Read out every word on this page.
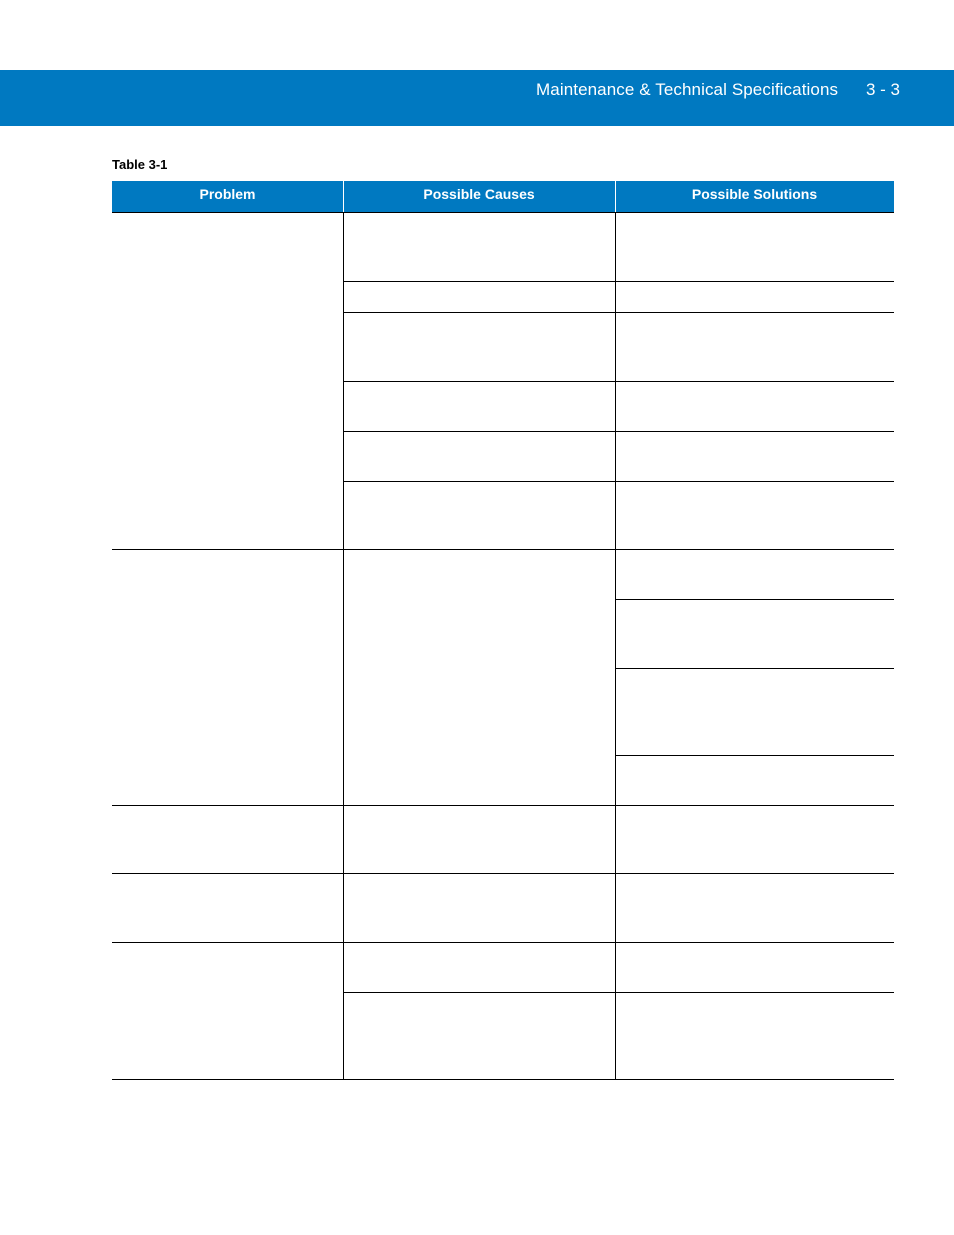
Maintenance & Technical Specifications 3 - 3
Table 3-1
Problem	Possible Causes	Possible Solutions
